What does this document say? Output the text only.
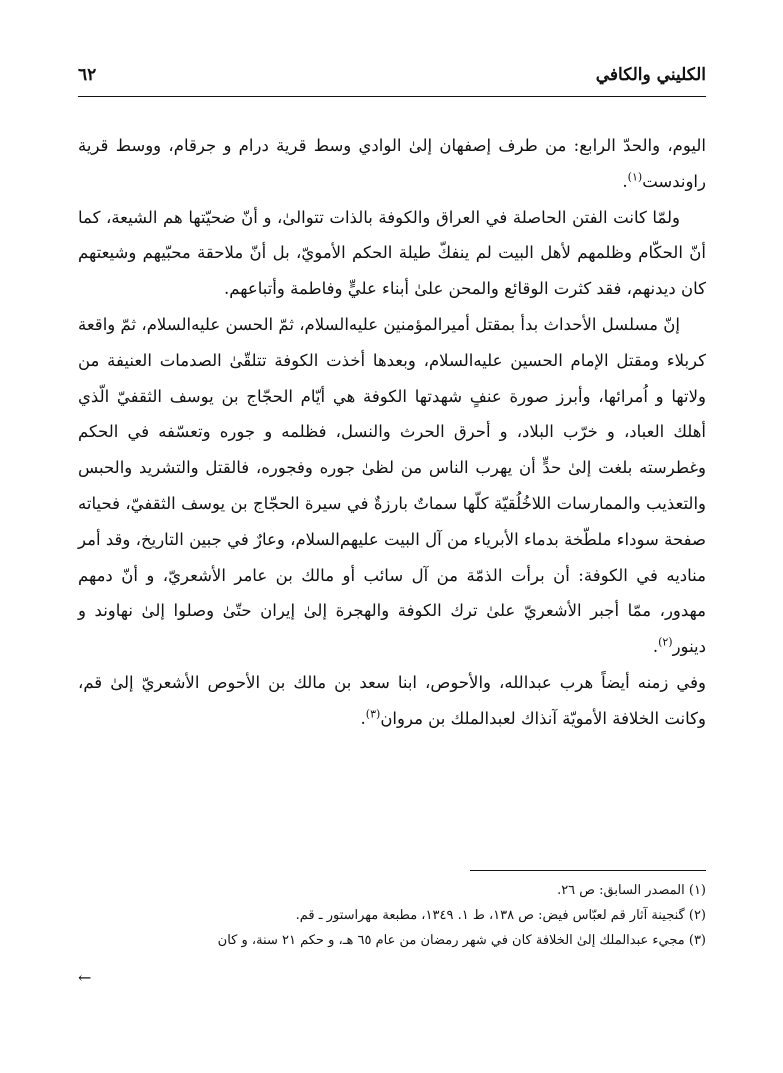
الكليني والكافي
٦٢

اليوم، والحدّ الرابع: من طرف إصفهان إلىٰ الوادي وسط قرية درام و جرقام، ووسط قرية راوندست$^{(١)}$.

ولمّا كانت الفتن الحاصلة في العراق والكوفة بالذات تتوالىٰ، و أنّ ضحيّتها هم الشيعة، كما أنّ الحكّام وظلمهم لأهل البيت لم ينفكّ طيلة الحكم الأمويّ، بل أنّ ملاحقة محبّيهم وشيعتهم كان ديدنهم، فقد كثرت الوقائع والمحن علىٰ أبناء عليٍّ وفاطمة وأتباعهم.

إنّ مسلسل الأحداث بدأ بمقتل أميرالمؤمنين عليه‌السلام، ثمّ الحسن عليه‌السلام، ثمّ واقعة كربلاء ومقتل الإمام الحسين عليه‌السلام، وبعدها أخذت الكوفة تتلقّىٰ الصدمات العنيفة من ولاتها و اُمرائها، وأبرز صورة عنفٍ شهدتها الكوفة هي أيّام الحجّاج بن يوسف الثقفيّ الّذي أهلك العباد، و خرّب البلاد، و أحرق الحرث والنسل، فظلمه و جوره وتعسّفه في الحكم وغطرسته بلغت إلىٰ حدٍّ أن يهرب الناس من لظىٰ جوره وفجوره، فالقتل والتشريد والحبس والتعذيب والممارسات اللاخُلُقيّة كلّها سماتٌ بارزةٌ في سيرة الحجّاج بن يوسف الثقفيّ، فحياته صفحة سوداء ملطّخة بدماء الأبرياء من آل البيت عليهم‌السلام، وعارٌ في جبين التاريخ، وقد أمر مناديه في الكوفة: أن برأت الذمّة من آل سائب أو مالك بن عامر الأشعريّ، و أنّ دمهم مهدور، ممّا أجبر الأشعريّ علىٰ ترك الكوفة والهجرة إلىٰ إيران حتّىٰ وصلوا إلىٰ نهاوند و دينور$^{(٢)}$.

وفي زمنه أيضاً هرب عبدالله، والأحوص، ابنا سعد بن مالك بن الأحوص الأشعريّ إلىٰ قم، وكانت الخلافة الأمويّة آنذاك لعبدالملك بن مروان$^{(٣)}$.

(١) المصدر السابق: ص ٢٦.
(٢) گنجينة آثار قم لعبّاس فيض: ص ١٣٨، ط ١. ١٣٤٩، مطبعة مهراستور ـ قم.
(٣) مجيء عبدالملك إلىٰ الخلافة كان في شهر رمضان من عام ٦٥ هـ، و حكم ٢١ سنة، و كان
←
